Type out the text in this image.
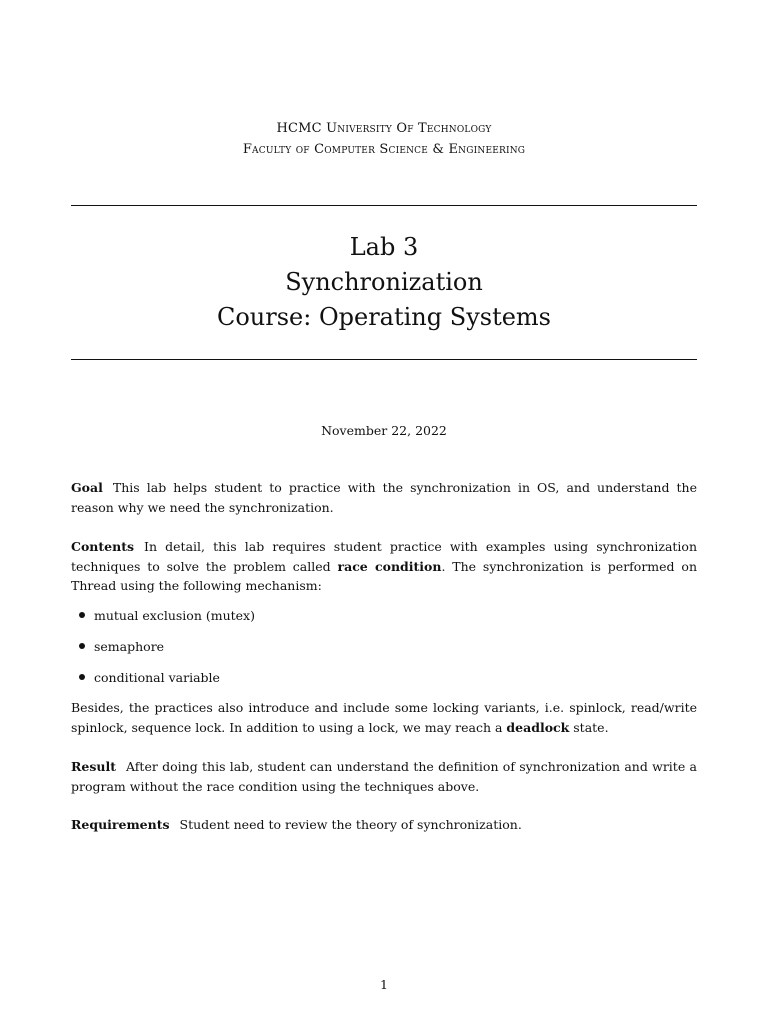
HCMC University Of Technology
Faculty of Computer Science & Engineering
Lab 3
Synchronization
Course: Operating Systems
November 22, 2022
Goal This lab helps student to practice with the synchronization in OS, and understand the reason why we need the synchronization.
Contents In detail, this lab requires student practice with examples using synchronization techniques to solve the problem called race condition. The synchronization is performed on Thread using the following mechanism:
mutual exclusion (mutex)
semaphore
conditional variable
Besides, the practices also introduce and include some locking variants, i.e. spinlock, read/write spinlock, sequence lock. In addition to using a lock, we may reach a deadlock state.
Result After doing this lab, student can understand the definition of synchronization and write a program without the race condition using the techniques above.
Requirements Student need to review the theory of synchronization.
1
